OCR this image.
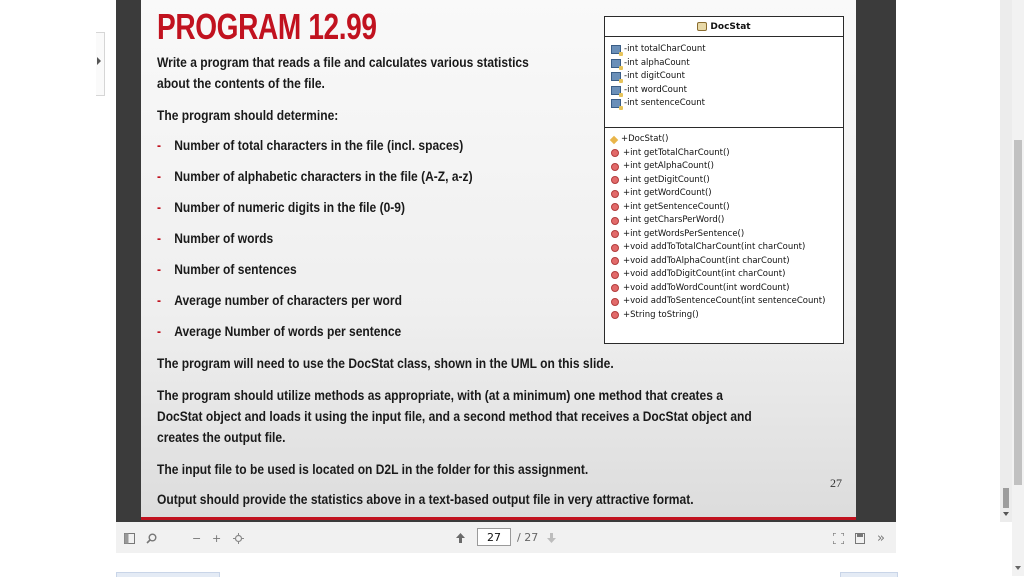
PROGRAM 12.99
Write a program that reads a file and calculates various statistics
about the contents of the file.
The program should determine:
- Number of total characters in the file (incl. spaces)
- Number of alphabetic characters in the file (A-Z, a-z)
- Number of numeric digits in the file (0-9)
- Number of words
- Number of sentences
- Average number of characters per word
- Average Number of words per sentence
The program will need to use the DocStat class, shown in the UML on this slide.
The program should utilize methods as appropriate, with (at a minimum) one method that creates a
DocStat object and loads it using the input file, and a second method that receives a DocStat object and
creates the output file.
The input file to be used is located on D2L in the folder for this assignment.
Output should provide the statistics above in a text-based output file in very attractive format.
27
DocStat
-int totalCharCount
-int alphaCount
-int digitCount
-int wordCount
-int sentenceCount
+DocStat()
+int getTotalCharCount()
+int getAlphaCount()
+int getDigitCount()
+int getWordCount()
+int getSentenceCount()
+int getCharsPerWord()
+int getWordsPerSentence()
+void addToTotalCharCount(int charCount)
+void addToAlphaCount(int charCount)
+void addToDigitCount(int charCount)
+void addToWordCount(int wordCount)
+void addToSentenceCount(int sentenceCount)
+String toString()
− +	27	/ 27	»
